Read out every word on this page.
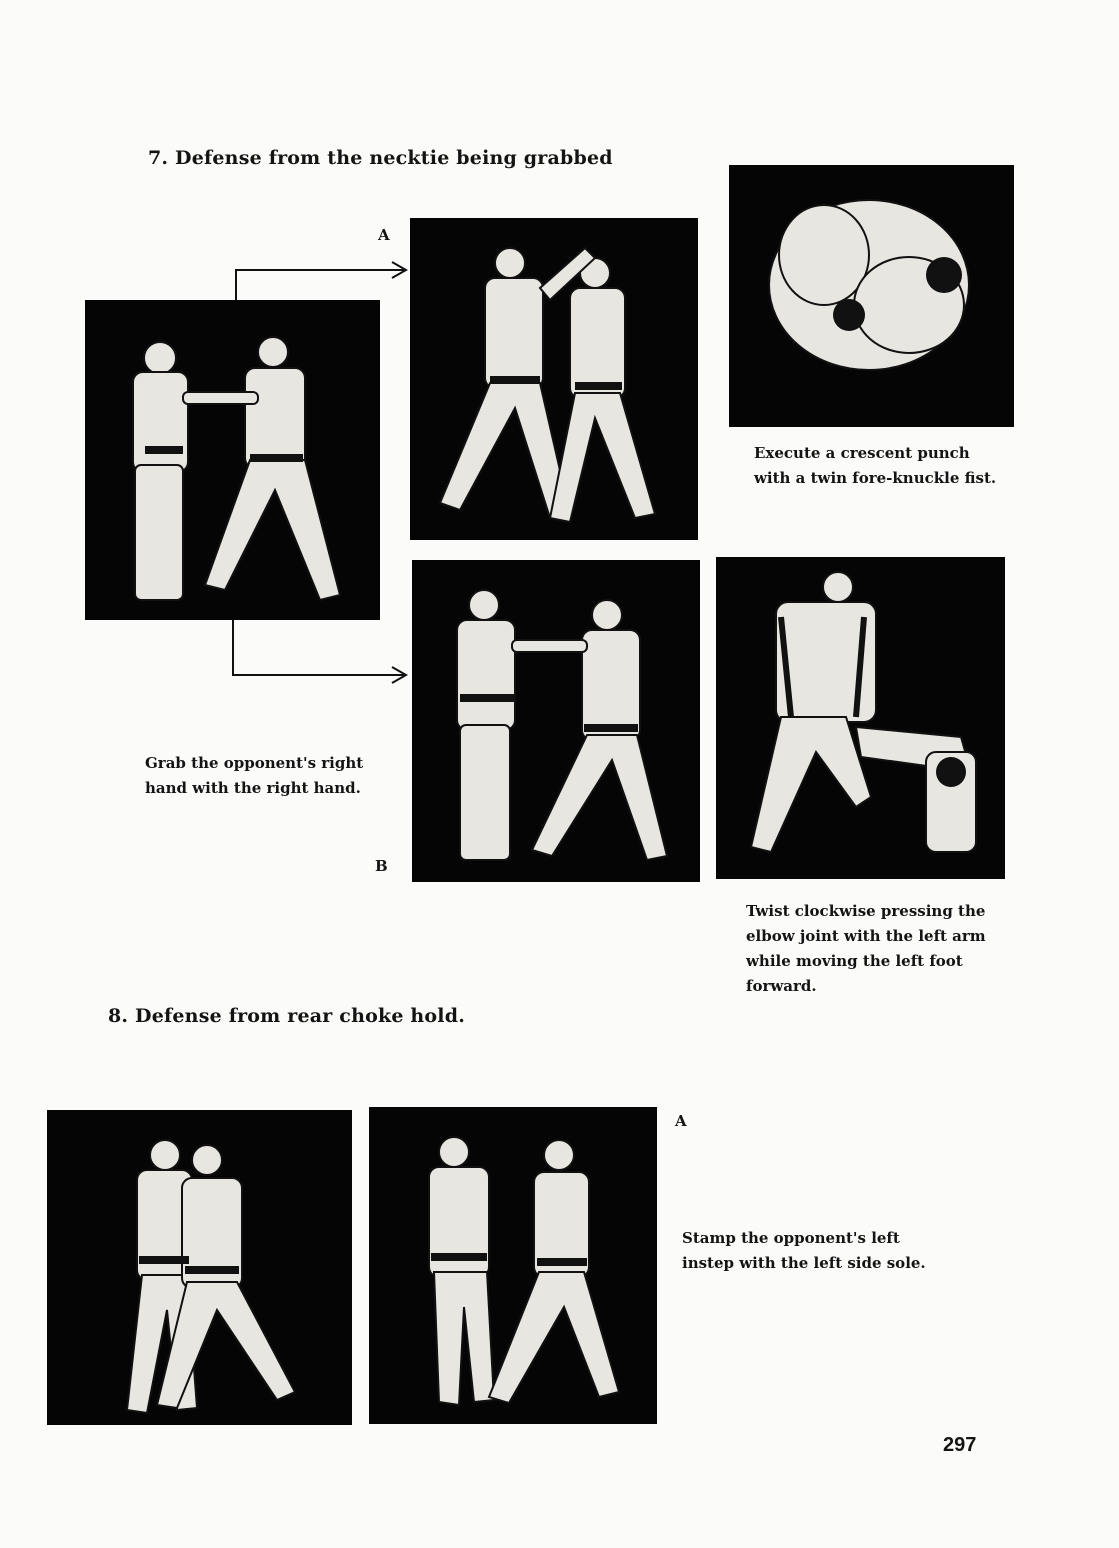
7. Defense from the necktie being grabbed
A
B
Grab the opponent's right hand with the right hand.
Execute a crescent punch with a twin fore-knuckle fist.
Twist clockwise pressing the elbow joint with the left arm while moving the left foot forward.
8. Defense from rear choke hold.
A
Stamp the opponent's left instep with the left side sole.
297
